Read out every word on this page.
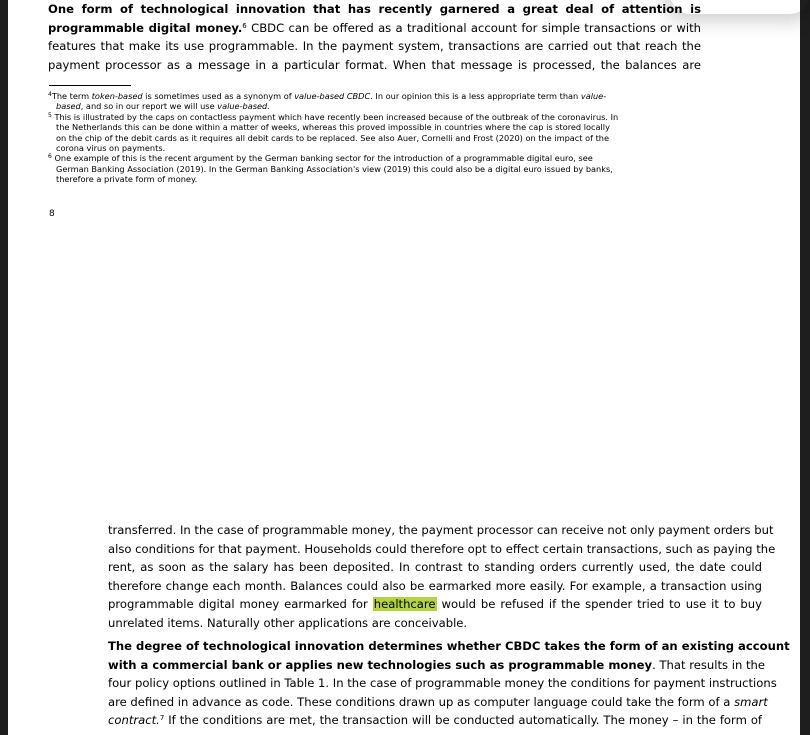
One form of technological innovation that has recently garnered a great deal of attention is
programmable digital money.$^6$ CBDC can be offered as a traditional account for simple transactions or with
features that make its use programmable. In the payment system, transactions are carried out that reach the
payment processor as a message in a particular format. When that message is processed, the balances are
$^4$The term token-based is sometimes used as a synonym of value-based CBDC. In our opinion this is a less appropriate term than value-
based, and so in our report we will use value-based.
$^5$ This is illustrated by the caps on contactless payment which have recently been increased because of the outbreak of the coronavirus. In
the Netherlands this can be done within a matter of weeks, whereas this proved impossible in countries where the cap is stored locally
on the chip of the debit cards as it requires all debit cards to be replaced. See also Auer, Cornelli and Frost (2020) on the impact of the
corona virus on payments.
$^6$ One example of this is the recent argument by the German banking sector for the introduction of a programmable digital euro, see
German Banking Association (2019). In the German Banking Association's view (2019) this could also be a digital euro issued by banks,
therefore a private form of money.
8
transferred. In the case of programmable money, the payment processor can receive not only payment orders but
also conditions for that payment. Households could therefore opt to effect certain transactions, such as paying the
rent, as soon as the salary has been deposited. In contrast to standing orders currently used, the date could
therefore change each month. Balances could also be earmarked more easily. For example, a transaction using
programmable digital money earmarked for healthcare would be refused if the spender tried to use it to buy
unrelated items. Naturally other applications are conceivable.
The degree of technological innovation determines whether CBDC takes the form of an existing account
with a commercial bank or applies new technologies such as programmable money. That results in the
four policy options outlined in Table 1. In the case of programmable money the conditions for payment instructions
are defined in advance as code. These conditions drawn up as computer language could take the form of a smart
contract.$^7$ If the conditions are met, the transaction will be conducted automatically. The money – in the form of
